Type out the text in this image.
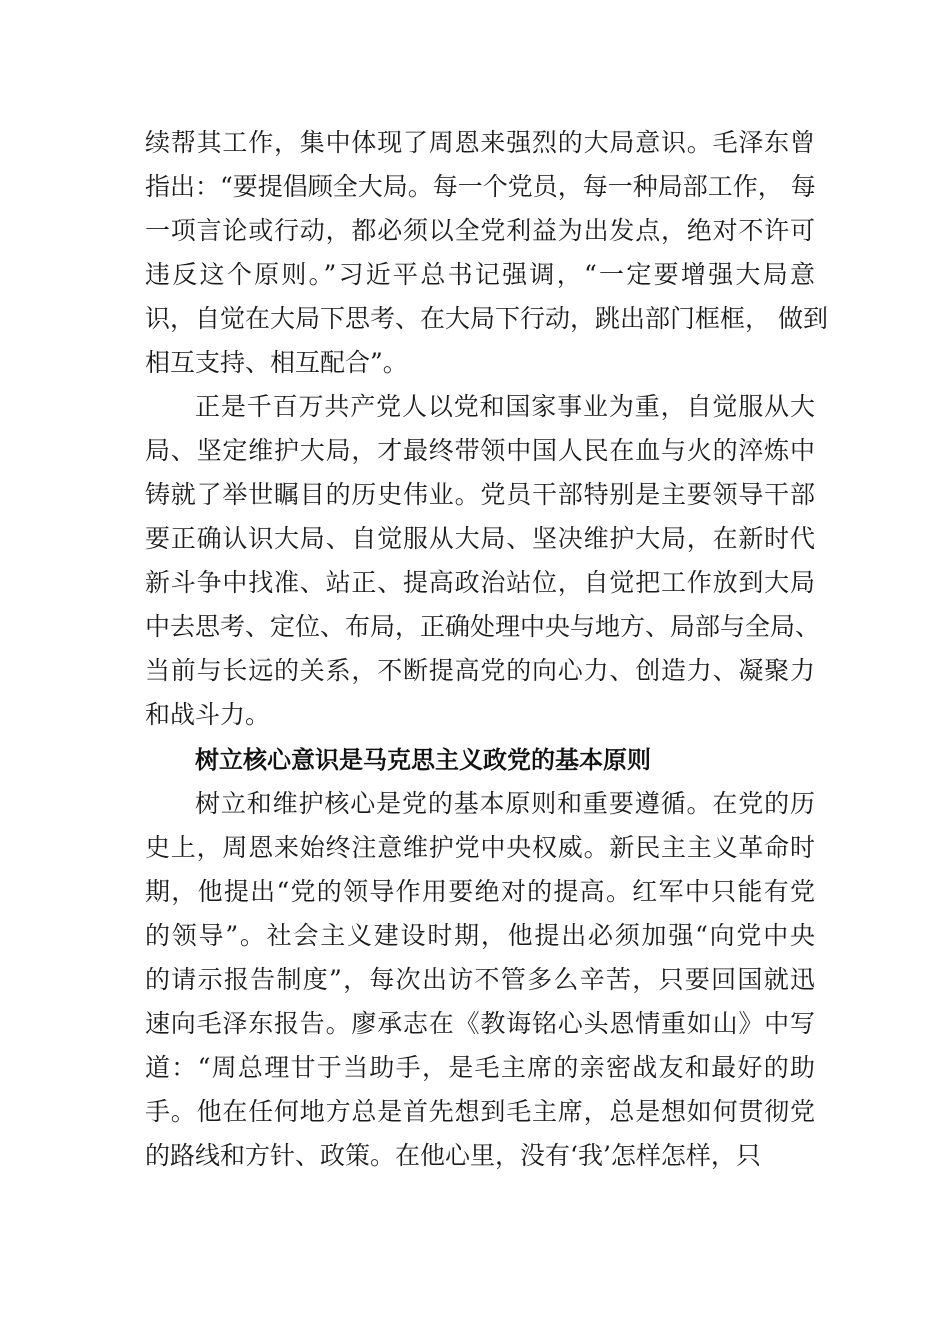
续帮其工作，集中体现了周恩来强烈的大局意识。毛泽东曾
指出：“要提倡顾全大局。每一个党员，每一种局部工作， 每
一项言论或行动，都必须以全党利益为出发点，绝对不许可
违反这个原则。”习近平总书记强调，“一定要增强大局意
识，自觉在大局下思考、在大局下行动，跳出部门框框， 做到
相互支持、相互配合”。
正是千百万共产党人以党和国家事业为重，自觉服从大
局、坚定维护大局，才最终带领中国人民在血与火的淬炼中
铸就了举世瞩目的历史伟业。党员干部特别是主要领导干部
要正确认识大局、自觉服从大局、坚决维护大局，在新时代
新斗争中找准、站正、提高政治站位，自觉把工作放到大局
中去思考、定位、布局，正确处理中央与地方、局部与全局、
当前与长远的关系，不断提高党的向心力、创造力、凝聚力
和战斗力。
树立核心意识是马克思主义政党的基本原则
树立和维护核心是党的基本原则和重要遵循。在党的历
史上，周恩来始终注意维护党中央权威。新民主主义革命时
期，他提出“党的领导作用要绝对的提高。红军中只能有党
的领导”。社会主义建设时期，他提出必须加强“向党中央
的请示报告制度”，每次出访不管多么辛苦，只要回国就迅
速向毛泽东报告。廖承志在《教诲铭心头恩情重如山》中写
道：“周总理甘于当助手，是毛主席的亲密战友和最好的助
手。他在任何地方总是首先想到毛主席，总是想如何贯彻党
的路线和方针、政策。在他心里，没有‘我’怎样怎样，只
